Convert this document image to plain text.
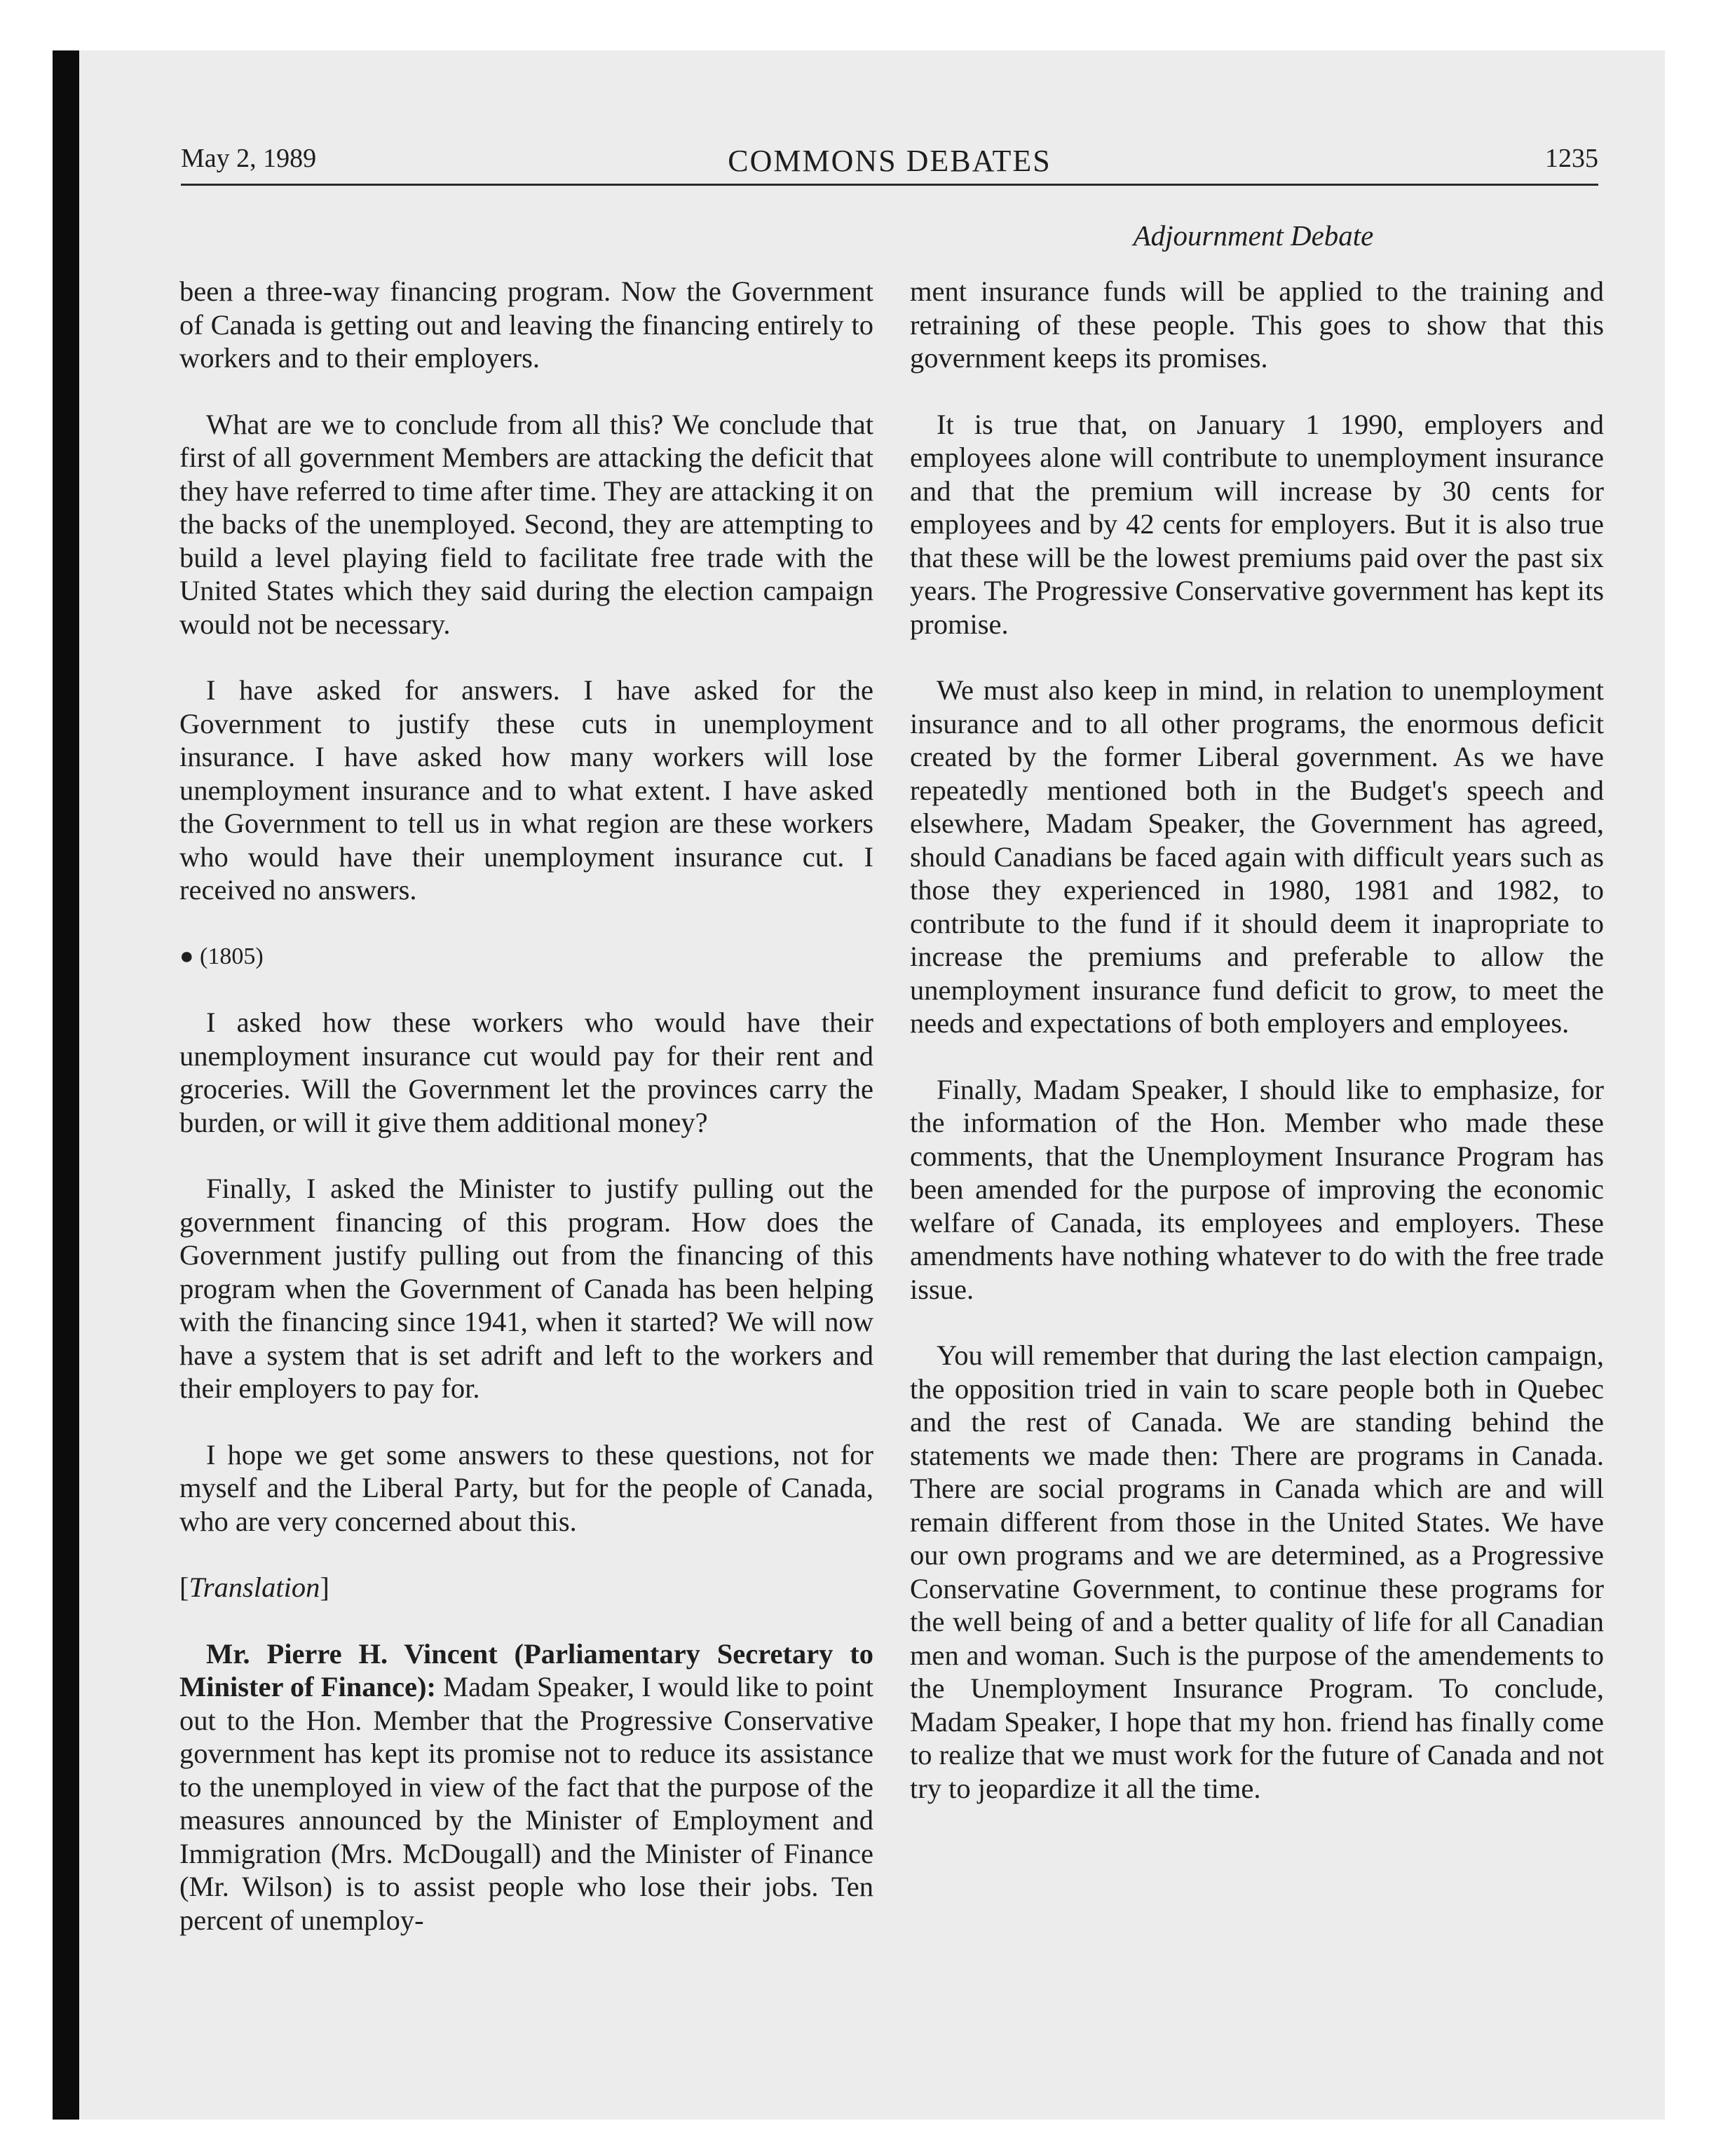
May 2, 1989	COMMONS DEBATES	1235
Adjournment Debate

been a three-way financing program. Now the Government of Canada is getting out and leaving the financing entirely to workers and to their employers.

What are we to conclude from all this? We conclude that first of all government Members are attacking the deficit that they have referred to time after time. They are attacking it on the backs of the unemployed. Second, they are attempting to build a level playing field to facilitate free trade with the United States which they said during the election campaign would not be necessary.

I have asked for answers. I have asked for the Government to justify these cuts in unemployment insurance. I have asked how many workers will lose unemployment insurance and to what extent. I have asked the Government to tell us in what region are these workers who would have their unemployment insurance cut. I received no answers.

● (1805)

I asked how these workers who would have their unemployment insurance cut would pay for their rent and groceries. Will the Government let the provinces carry the burden, or will it give them additional money?

Finally, I asked the Minister to justify pulling out the government financing of this program. How does the Government justify pulling out from the financing of this program when the Government of Canada has been helping with the financing since 1941, when it started? We will now have a system that is set adrift and left to the workers and their employers to pay for.

I hope we get some answers to these questions, not for myself and the Liberal Party, but for the people of Canada, who are very concerned about this.

[Translation]

Mr. Pierre H. Vincent (Parliamentary Secretary to Minister of Finance): Madam Speaker, I would like to point out to the Hon. Member that the Progressive Conservative government has kept its promise not to reduce its assistance to the unemployed in view of the fact that the purpose of the measures announced by the Minister of Employment and Immigration (Mrs. McDougall) and the Minister of Finance (Mr. Wilson) is to assist people who lose their jobs. Ten percent of unemploy-

ment insurance funds will be applied to the training and retraining of these people. This goes to show that this government keeps its promises.

It is true that, on January 1 1990, employers and employees alone will contribute to unemployment insurance and that the premium will increase by 30 cents for employees and by 42 cents for employers. But it is also true that these will be the lowest premiums paid over the past six years. The Progressive Conservative government has kept its promise.

We must also keep in mind, in relation to unemployment insurance and to all other programs, the enormous deficit created by the former Liberal government. As we have repeatedly mentioned both in the Budget's speech and elsewhere, Madam Speaker, the Government has agreed, should Canadians be faced again with difficult years such as those they experienced in 1980, 1981 and 1982, to contribute to the fund if it should deem it inapropriate to increase the premiums and preferable to allow the unemployment insurance fund deficit to grow, to meet the needs and expectations of both employers and employees.

Finally, Madam Speaker, I should like to emphasize, for the information of the Hon. Member who made these comments, that the Unemployment Insurance Program has been amended for the purpose of improving the economic welfare of Canada, its employees and employers. These amendments have nothing whatever to do with the free trade issue.

You will remember that during the last election campaign, the opposition tried in vain to scare people both in Quebec and the rest of Canada. We are standing behind the statements we made then: There are programs in Canada. There are social programs in Canada which are and will remain different from those in the United States. We have our own programs and we are determined, as a Progressive Conservatine Government, to continue these programs for the well being of and a better quality of life for all Canadian men and woman. Such is the purpose of the amendements to the Unemployment Insurance Program. To conclude, Madam Speaker, I hope that my hon. friend has finally come to realize that we must work for the future of Canada and not try to jeopardize it all the time.
